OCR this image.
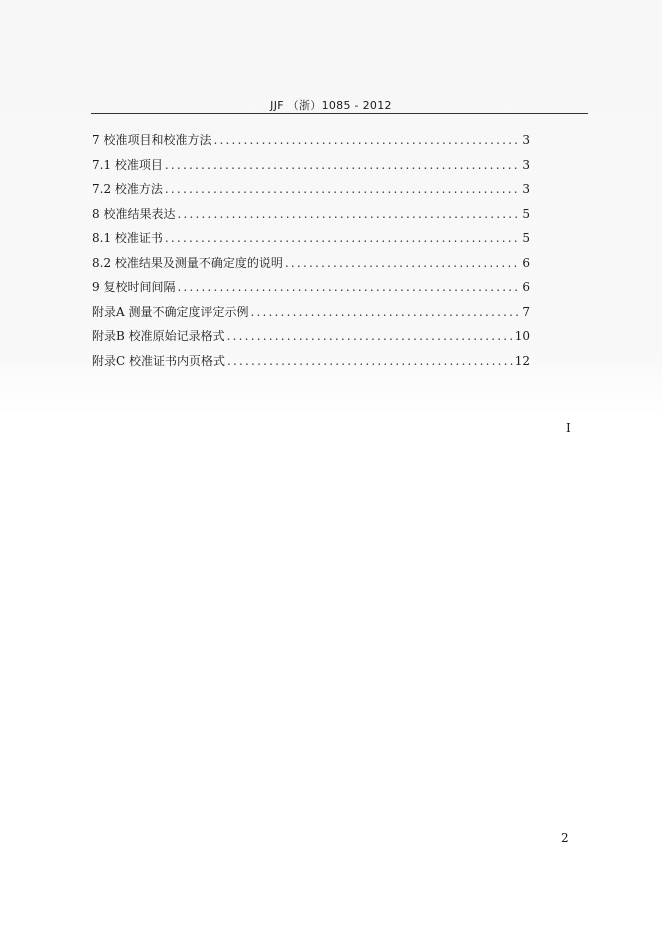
JJF （浙）1085 - 2012
7 校准项目和校准方法 .....	3
7.1 校准项目 .....	3
7.2 校准方法 .....	3
8 校准结果表达 .....	5
8.1 校准证书 .....	5
8.2 校准结果及测量不确定度的说明 .....	6
9 复校时间间隔 .....	6
附录A 测量不确定度评定示例 .....	7
附录B 校准原始记录格式 .....	10
附录C 校准证书内页格式 .....	12
I
2
